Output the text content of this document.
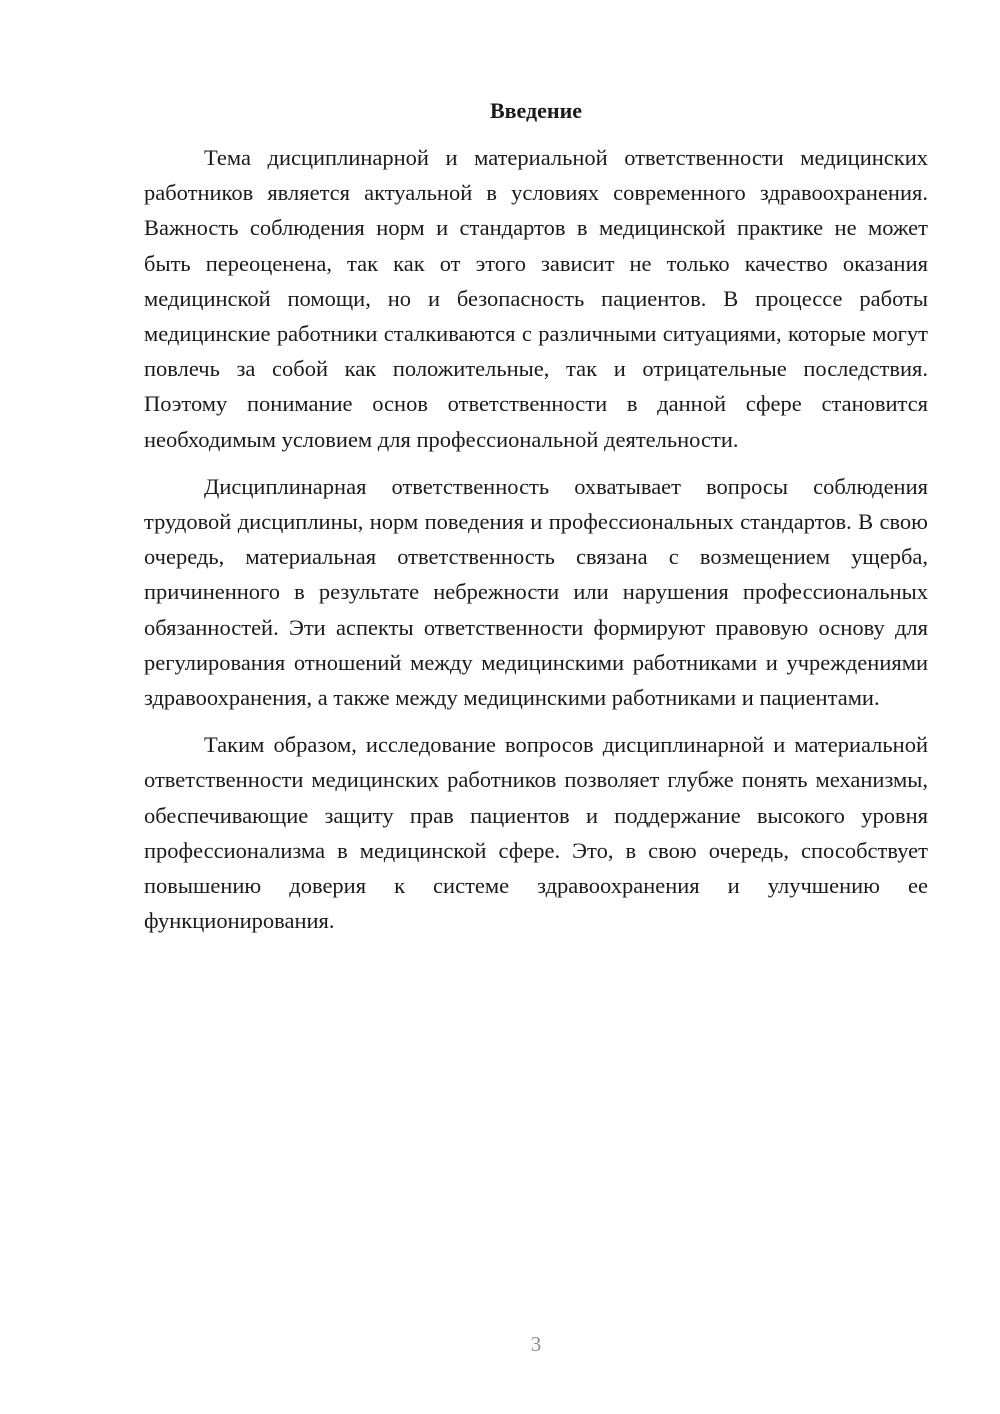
Введение

Тема дисциплинарной и материальной ответственности медицинских работников является актуальной в условиях современного здравоохранения. Важность соблюдения норм и стандартов в медицинской практике не может быть переоценена, так как от этого зависит не только качество оказания медицинской помощи, но и безопасность пациентов. В процессе работы медицинские работники сталкиваются с различными ситуациями, которые могут повлечь за собой как положительные, так и отрицательные последствия. Поэтому понимание основ ответственности в данной сфере становится необходимым условием для профессиональной деятельности.

Дисциплинарная ответственность охватывает вопросы соблюдения трудовой дисциплины, норм поведения и профессиональных стандартов. В свою очередь, материальная ответственность связана с возмещением ущерба, причиненного в результате небрежности или нарушения профессиональных обязанностей. Эти аспекты ответственности формируют правовую основу для регулирования отношений между медицинскими работниками и учреждениями здравоохранения, а также между медицинскими работниками и пациентами.

Таким образом, исследование вопросов дисциплинарной и материальной ответственности медицинских работников позволяет глубже понять механизмы, обеспечивающие защиту прав пациентов и поддержание высокого уровня профессионализма в медицинской сфере. Это, в свою очередь, способствует повышению доверия к системе здравоохранения и улучшению ее функционирования.

3
